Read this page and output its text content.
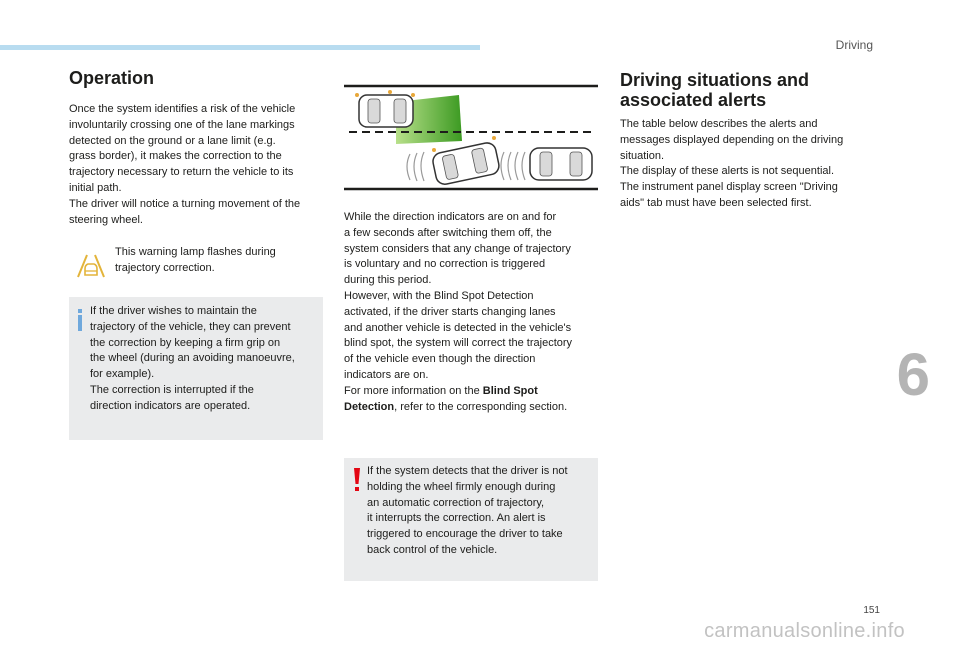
Driving
6
151
carmanualsonline.info
Operation

Once the system identifies a risk of the vehicle
involuntarily crossing one of the lane markings
detected on the ground or a lane limit (e.g.
grass border), it makes the correction to the
trajectory necessary to return the vehicle to its
initial path.
The driver will notice a turning movement of the
steering wheel.

This warning lamp flashes during
trajectory correction.

If the driver wishes to maintain the
trajectory of the vehicle, they can prevent
the correction by keeping a firm grip on
the wheel (during an avoiding manoeuvre,
for example).
The correction is interrupted if the
direction indicators are operated.

While the direction indicators are on and for
a few seconds after switching them off, the
system considers that any change of trajectory
is voluntary and no correction is triggered
during this period.
However, with the Blind Spot Detection
activated, if the driver starts changing lanes
and another vehicle is detected in the vehicle's
blind spot, the system will correct the trajectory
of the vehicle even though the direction
indicators are on.
For more information on the Blind Spot
Detection, refer to the corresponding section.

If the system detects that the driver is not
holding the wheel firmly enough during
an automatic correction of trajectory,
it interrupts the correction. An alert is
triggered to encourage the driver to take
back control of the vehicle.

Driving situations and
associated alerts

The table below describes the alerts and
messages displayed depending on the driving
situation.
The display of these alerts is not sequential.
The instrument panel display screen "Driving
aids" tab must have been selected first.
